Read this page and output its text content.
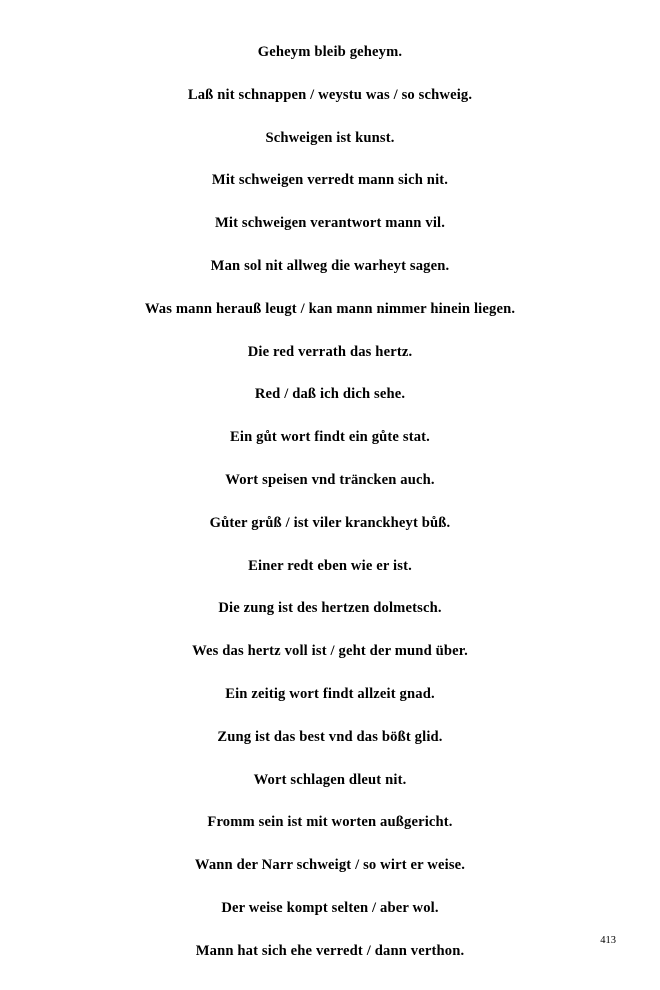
Geheym bleib geheym.

Laß nit schnappen / weystu was / so schweig.

Schweigen ist kunst.

Mit schweigen verredt mann sich nit.

Mit schweigen verantwort mann vil.

Man sol nit allweg die warheyt sagen.

Was mann herauß leugt / kan mann nimmer hinein liegen.

Die red verrath das hertz.

Red / daß ich dich sehe.

Ein gůt wort findt ein gůte stat.

Wort speisen vnd träncken auch.

Gůter grůß / ist viler kranckheyt bůß.

Einer redt eben wie er ist.

Die zung ist des hertzen dolmetsch.

Wes das hertz voll ist / geht der mund über.

Ein zeitig wort findt allzeit gnad.

Zung ist das best vnd das bößt glid.

Wort schlagen dleut nit.

Fromm sein ist mit worten außgericht.

Wann der Narr schweigt / so wirt er weise.

Der weise kompt selten / aber wol.

Mann hat sich ehe verredt / dann verthon.

413
